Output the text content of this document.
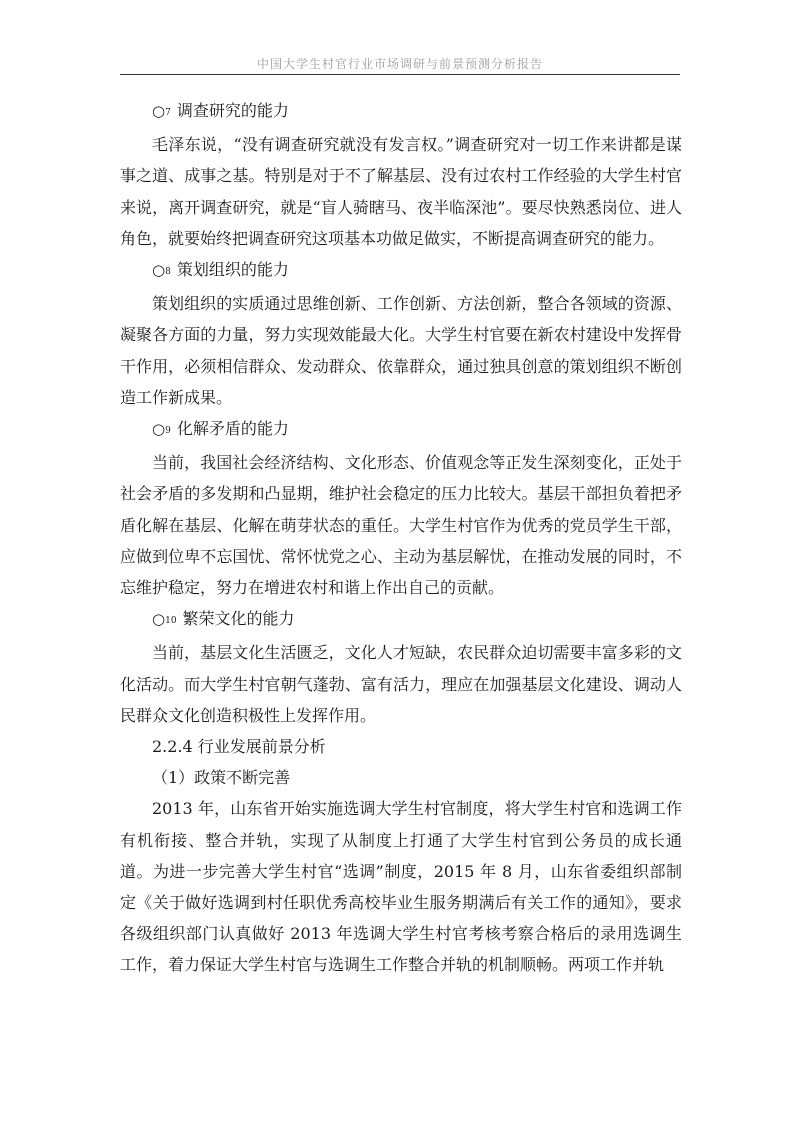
中国大学生村官行业市场调研与前景预测分析报告

○7 调查研究的能力

毛泽东说，“没有调查研究就没有发言权。”调查研究对一切工作来讲都是谋事之道、成事之基。特别是对于不了解基层、没有过农村工作经验的大学生村官来说，离开调查研究，就是“盲人骑瞎马、夜半临深池”。要尽快熟悉岗位、进人角色，就要始终把调查研究这项基本功做足做实，不断提高调查研究的能力。

○8 策划组织的能力

策划组织的实质通过思维创新、工作创新、方法创新，整合各领域的资源、凝聚各方面的力量，努力实现效能最大化。大学生村官要在新农村建设中发挥骨干作用，必须相信群众、发动群众、依靠群众，通过独具创意的策划组织不断创造工作新成果。

○9 化解矛盾的能力

当前，我国社会经济结构、文化形态、价值观念等正发生深刻变化，正处于社会矛盾的多发期和凸显期，维护社会稳定的压力比较大。基层干部担负着把矛盾化解在基层、化解在萌芽状态的重任。大学生村官作为优秀的党员学生干部，应做到位卑不忘国忧、常怀忧党之心、主动为基层解忧，在推动发展的同时，不忘维护稳定，努力在增进农村和谐上作出自己的贡献。

○10 繁荣文化的能力

当前，基层文化生活匮乏，文化人才短缺，农民群众迫切需要丰富多彩的文化活动。而大学生村官朝气蓬勃、富有活力，理应在加强基层文化建设、调动人民群众文化创造积极性上发挥作用。

2.2.4 行业发展前景分析

（1）政策不断完善

2013 年，山东省开始实施选调大学生村官制度，将大学生村官和选调工作有机衔接、整合并轨，实现了从制度上打通了大学生村官到公务员的成长通 道。为进一步完善大学生村官“选调”制度，2015 年 8 月，山东省委组织部制定《关于做好选调到村任职优秀高校毕业生服务期满后有关工作的通知》，要求各级组织部门认真做好 2013 年选调大学生村官考核考察合格后的录用选调生工作，着力保证大学生村官与选调生工作整合并轨的机制顺畅。两项工作并轨
